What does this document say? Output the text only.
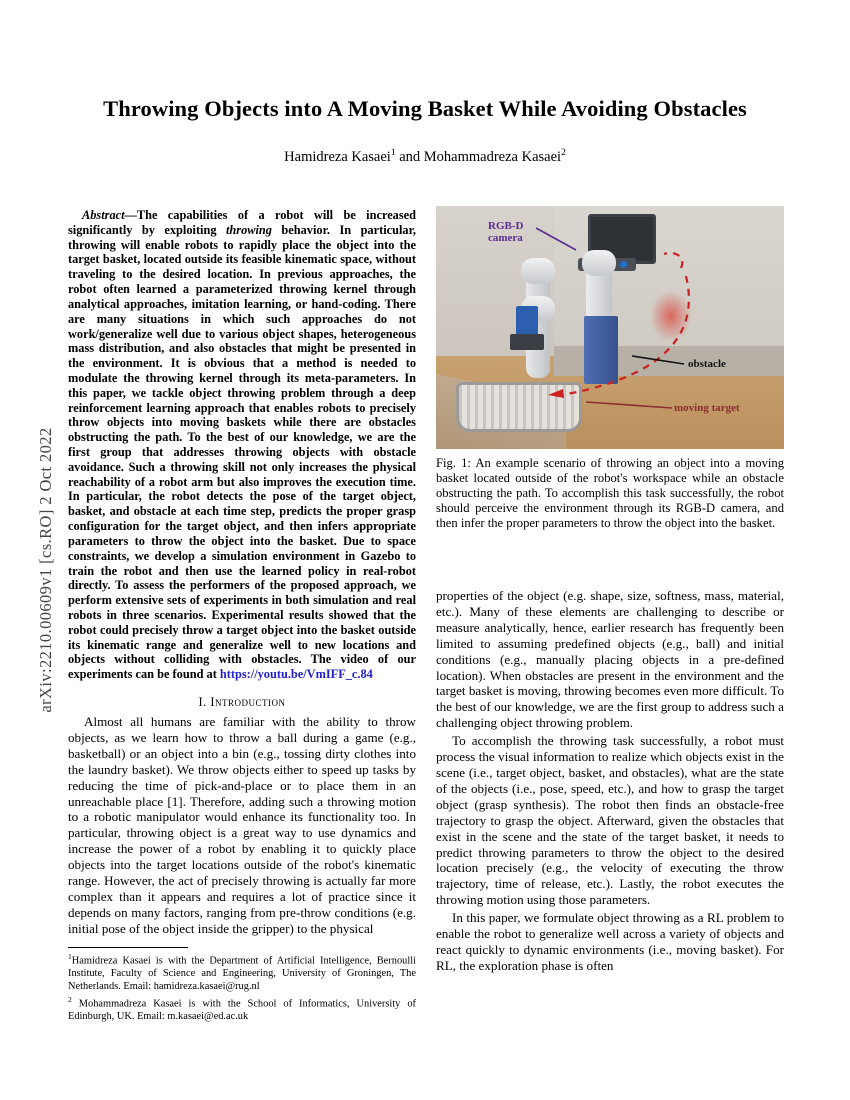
arXiv:2210.00609v1 [cs.RO] 2 Oct 2022
Throwing Objects into A Moving Basket While Avoiding Obstacles
Hamidreza Kasaei$^1$ and Mohammadreza Kasaei$^2$

Abstract—The capabilities of a robot will be increased significantly by exploiting throwing behavior. In particular, throwing will enable robots to rapidly place the object into the target basket, located outside its feasible kinematic space, without traveling to the desired location. In previous approaches, the robot often learned a parameterized throwing kernel through analytical approaches, imitation learning, or hand-coding. There are many situations in which such approaches do not work/generalize well due to various object shapes, heterogeneous mass distribution, and also obstacles that might be presented in the environment. It is obvious that a method is needed to modulate the throwing kernel through its meta-parameters. In this paper, we tackle object throwing problem through a deep reinforcement learning approach that enables robots to precisely throw objects into moving baskets while there are obstacles obstructing the path. To the best of our knowledge, we are the first group that addresses throwing objects with obstacle avoidance. Such a throwing skill not only increases the physical reachability of a robot arm but also improves the execution time. In particular, the robot detects the pose of the target object, basket, and obstacle at each time step, predicts the proper grasp configuration for the target object, and then infers appropriate parameters to throw the object into the basket. Due to space constraints, we develop a simulation environment in Gazebo to train the robot and then use the learned policy in real-robot directly. To assess the performers of the proposed approach, we perform extensive sets of experiments in both simulation and real robots in three scenarios. Experimental results showed that the robot could precisely throw a target object into the basket outside its kinematic range and generalize well to new locations and objects without colliding with obstacles. The video of our experiments can be found at https://youtu.be/VmIFF_c.84

I. Introduction

Almost all humans are familiar with the ability to throw objects, as we learn how to throw a ball during a game (e.g., basketball) or an object into a bin (e.g., tossing dirty clothes into the laundry basket). We throw objects either to speed up tasks by reducing the time of pick-and-place or to place them in an unreachable place [1]. Therefore, adding such a throwing motion to a robotic manipulator would enhance its functionality too. In particular, throwing object is a great way to use dynamics and increase the power of a robot by enabling it to quickly place objects into the target locations outside of the robot's kinematic range. However, the act of precisely throwing is actually far more complex than it appears and requires a lot of practice since it depends on many factors, ranging from pre-throw conditions (e.g. initial pose of the object inside the gripper) to the physical

properties of the object (e.g. shape, size, softness, mass, material, etc.). Many of these elements are challenging to describe or measure analytically, hence, earlier research has frequently been limited to assuming predefined objects (e.g., ball) and initial conditions (e.g., manually placing objects in a pre-defined location). When obstacles are present in the environment and the target basket is moving, throwing becomes even more difficult. To the best of our knowledge, we are the first group to address such a challenging object throwing problem.

To accomplish the throwing task successfully, a robot must process the visual information to realize which objects exist in the scene (i.e., target object, basket, and obstacles), what are the state of the objects (i.e., pose, speed, etc.), and how to grasp the target object (grasp synthesis). The robot then finds an obstacle-free trajectory to grasp the object. Afterward, given the obstacles that exist in the scene and the state of the target basket, it needs to predict throwing parameters to throw the object to the desired location precisely (e.g., the velocity of executing the throw trajectory, time of release, etc.). Lastly, the robot executes the throwing motion using those parameters.

In this paper, we formulate object throwing as a RL problem to enable the robot to generalize well across a variety of objects and react quickly to dynamic environments (i.e., moving basket). For RL, the exploration phase is often

RGB-D
camera
obstacle
moving target
Fig. 1: An example scenario of throwing an object into a moving basket located outside of the robot's workspace while an obstacle obstructing the path. To accomplish this task successfully, the robot should perceive the environment through its RGB-D camera, and then infer the proper parameters to throw the object into the basket.

$^1$Hamidreza Kasaei is with the Department of Artificial Intelligence, Bernoulli Institute, Faculty of Science and Engineering, University of Groningen, The Netherlands. Email: hamidreza.kasaei@rug.nl

$^2$ Mohammadreza Kasaei is with the School of Informatics, University of Edinburgh, UK. Email: m.kasaei@ed.ac.uk
